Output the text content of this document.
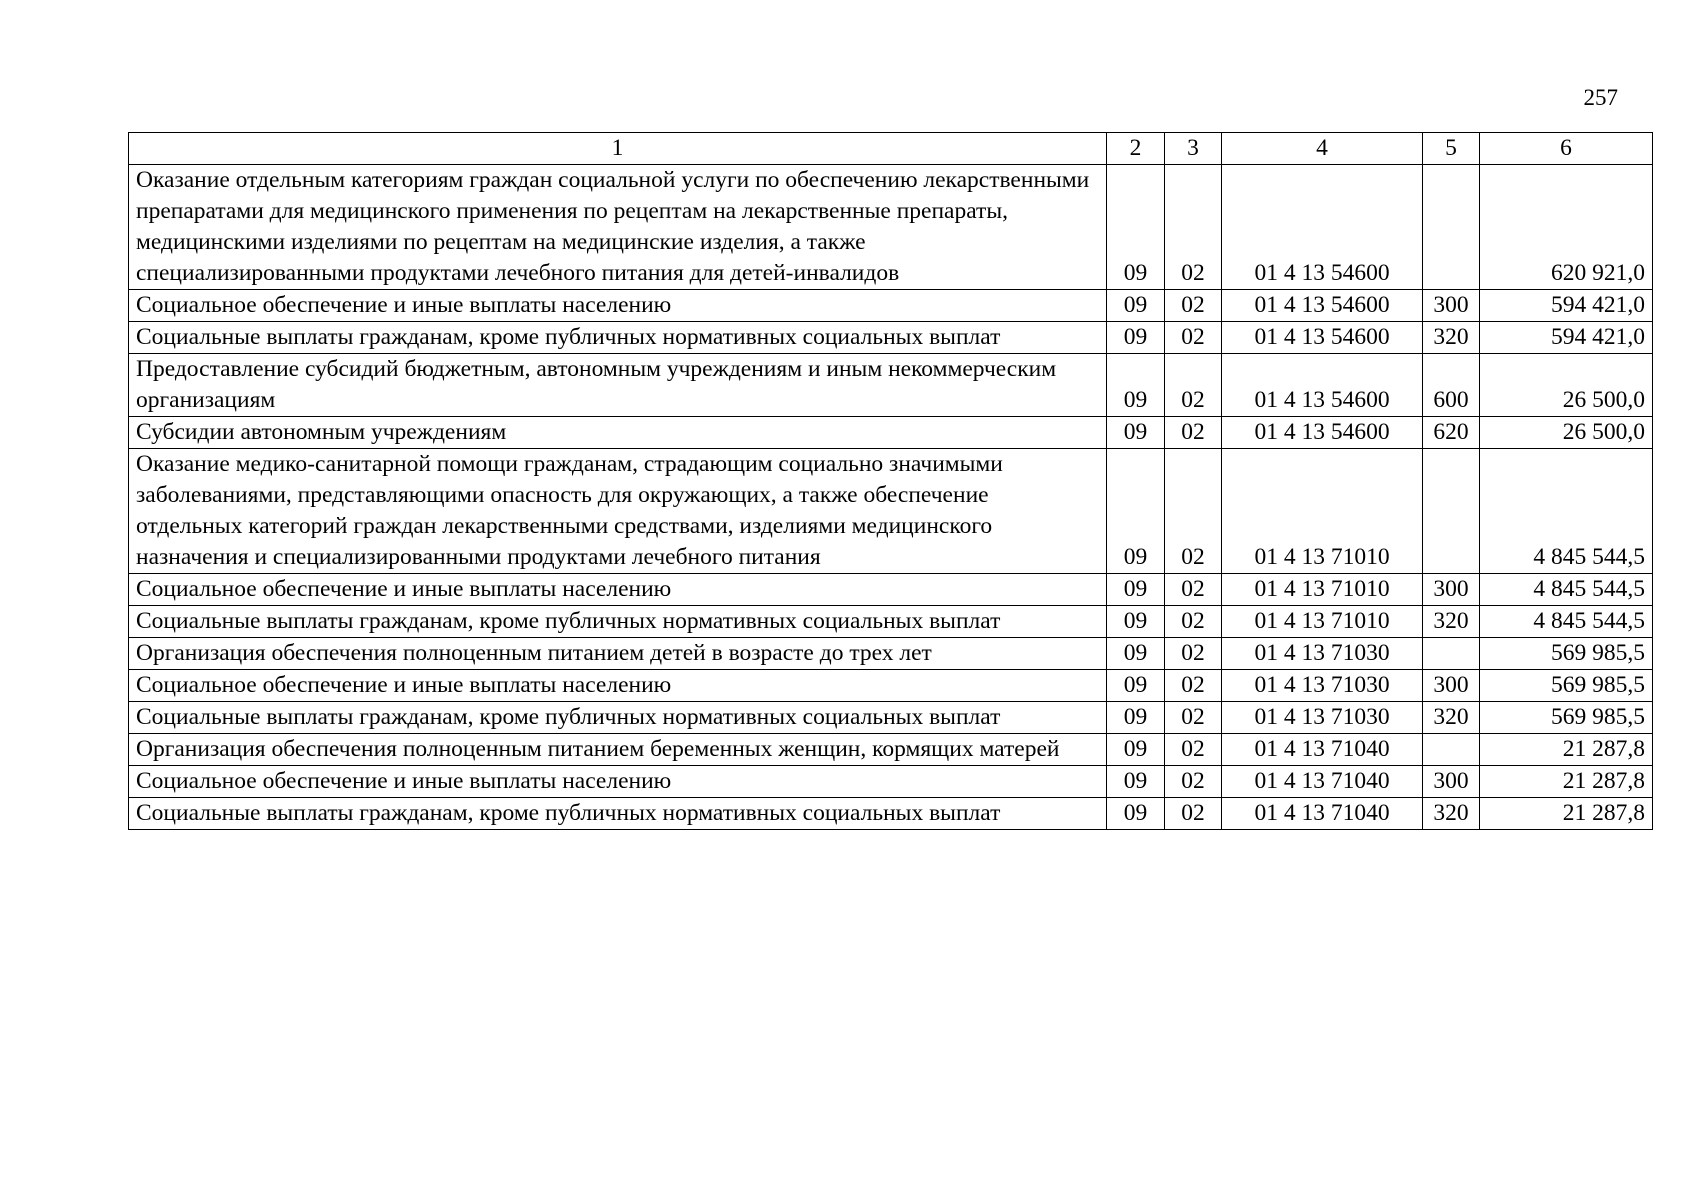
257
1	2	3	4	5	6
Оказание отдельным категориям граждан социальной услуги по обеспечению лекарственными препаратами для медицинского применения по рецептам на лекарственные препараты, медицинскими изделиями по рецептам на медицинские изделия, а также специализированными продуктами лечебного питания для детей-инвалидов	09	02	01 4 13 54600		620 921,0
Социальное обеспечение и иные выплаты населению	09	02	01 4 13 54600	300	594 421,0
Социальные выплаты гражданам, кроме публичных нормативных социальных выплат	09	02	01 4 13 54600	320	594 421,0
Предоставление субсидий бюджетным, автономным учреждениям и иным некоммерческим организациям	09	02	01 4 13 54600	600	26 500,0
Субсидии автономным учреждениям	09	02	01 4 13 54600	620	26 500,0
Оказание медико-санитарной помощи гражданам, страдающим социально значимыми заболеваниями, представляющими опасность для окружающих, а также обеспечение отдельных категорий граждан лекарственными средствами, изделиями медицинского назначения и специализированными продуктами лечебного питания	09	02	01 4 13 71010		4 845 544,5
Социальное обеспечение и иные выплаты населению	09	02	01 4 13 71010	300	4 845 544,5
Социальные выплаты гражданам, кроме публичных нормативных социальных выплат	09	02	01 4 13 71010	320	4 845 544,5
Организация обеспечения полноценным питанием детей в возрасте до трех лет	09	02	01 4 13 71030		569 985,5
Социальное обеспечение и иные выплаты населению	09	02	01 4 13 71030	300	569 985,5
Социальные выплаты гражданам, кроме публичных нормативных социальных выплат	09	02	01 4 13 71030	320	569 985,5
Организация обеспечения полноценным питанием беременных женщин, кормящих матерей	09	02	01 4 13 71040		21 287,8
Социальное обеспечение и иные выплаты населению	09	02	01 4 13 71040	300	21 287,8
Социальные выплаты гражданам, кроме публичных нормативных социальных выплат	09	02	01 4 13 71040	320	21 287,8
